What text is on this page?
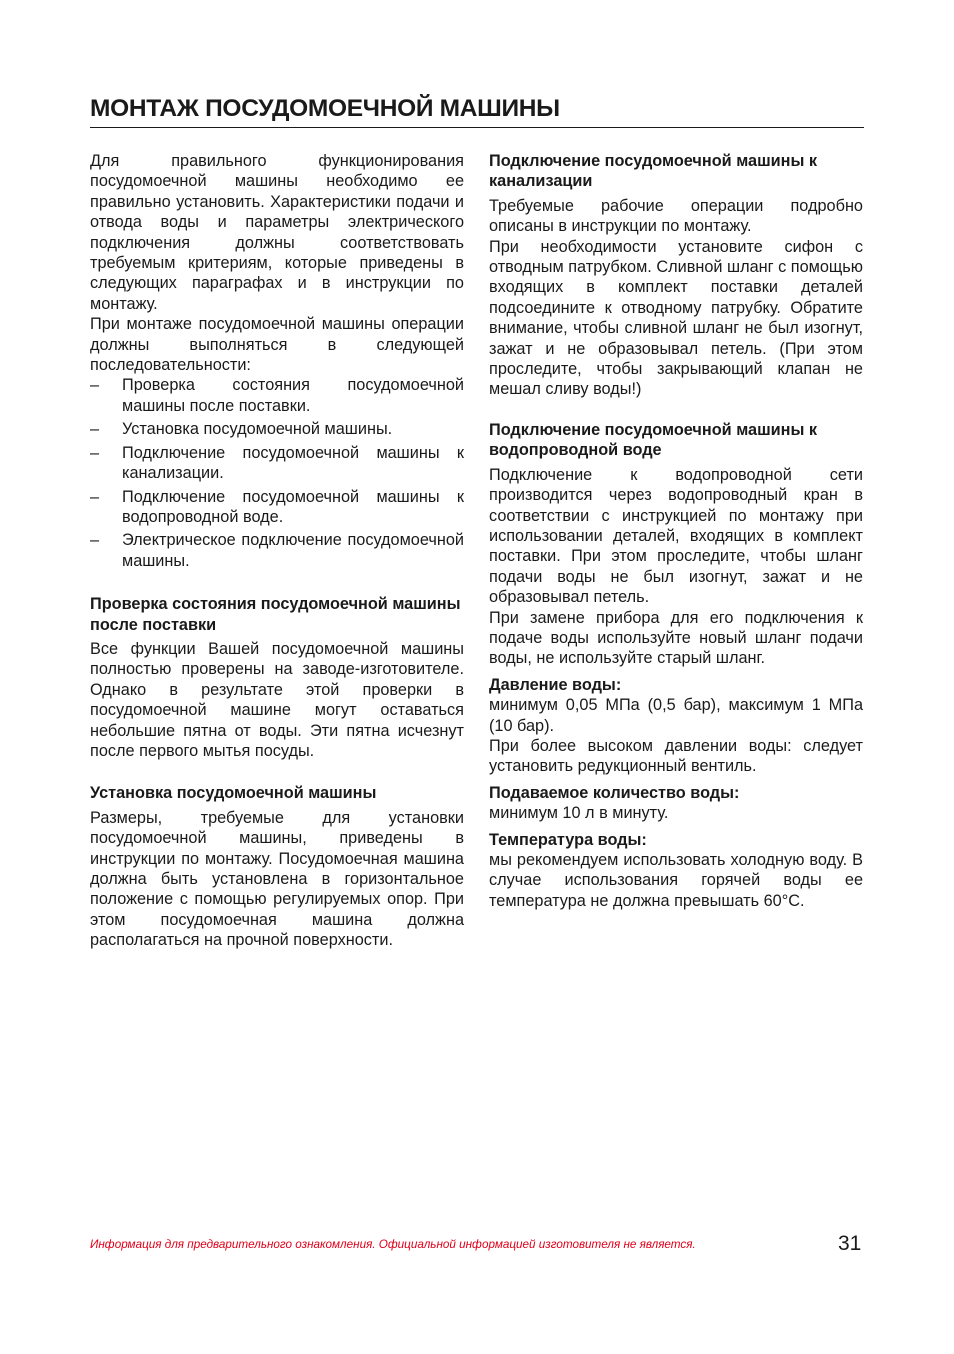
МОНТАЖ ПОСУДОМОЕЧНОЙ МАШИНЫ

Для правильного функционирования посудомоечной машины необходимо ее правильно установить. Характеристики подачи и отвода воды и параметры электрического подключения должны соответствовать требуемым критериям, которые приведены в следующих параграфах и в инструкции по монтажу.

При монтаже посудомоечной машины операции должны выполняться в следующей последовательности:

– Проверка состояния посудомоечной машины после поставки.
– Установка посудомоечной машины.
– Подключение посудомоечной машины к канализации.
– Подключение посудомоечной машины к водопроводной воде.
– Электрическое подключение посудомоечной машины.
Проверка состояния посудомоечной машины после поставки

Все функции Вашей посудомоечной машины полностью проверены на заводе-изготовителе. Однако в результате этой проверки в посудомоечной машине могут оставаться небольшие пятна от воды. Эти пятна исчезнут после первого мытья посуды.

Установка посудомоечной машины

Размеры, требуемые для установки посудомоечной машины, приведены в инструкции по монтажу. Посудомоечная машина должна быть установлена в горизонтальное положение с помощью регулируемых опор. При этом посудомоечная машина должна располагаться на прочной поверхности.

Подключение посудомоечной машины к канализации

Требуемые рабочие операции подробно описаны в инструкции по монтажу.

При необходимости установите сифон с отводным патрубком. Сливной шланг с помощью входящих в комплект поставки деталей подсоедините к отводному патрубку. Обратите внимание, чтобы сливной шланг не был изогнут, зажат и не образовывал петель. (При этом проследите, чтобы закрывающий клапан не мешал сливу воды!)

Подключение посудомоечной машины к водопроводной воде

Подключение к водопроводной сети производится через водопроводный кран в соответствии с инструкцией по монтажу при использовании деталей, входящих в комплект поставки. При этом проследите, чтобы шланг подачи воды не был изогнут, зажат и не образовывал петель.

При замене прибора для его подключения к подаче воды используйте новый шланг подачи воды, не используйте старый шланг.

Давление воды:

минимум 0,05 МПа (0,5 бар), максимум 1 МПа (10 бар).

При более высоком давлении воды: следует установить редукционный вентиль.

Подаваемое количество воды:

минимум 10 л в минуту.

Температура воды:

мы рекомендуем использовать холодную воду. В случае использования горячей воды ее температура не должна превышать 60°С.

Информация для предварительного ознакомления. Официальной информацией изготовителя не является.	31
